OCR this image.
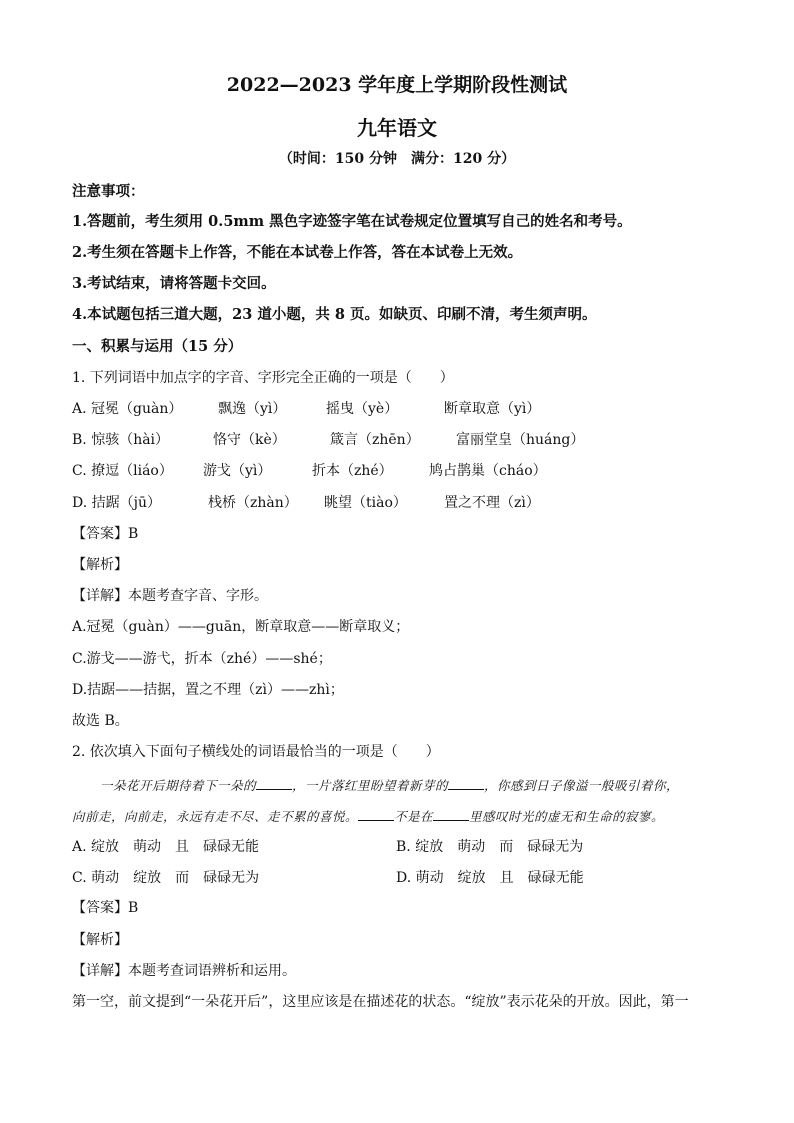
2022—2023 学年度上学期阶段性测试
九年语文
（时间：150 分钟　满分：120 分）
注意事项：
1.答题前，考生须用 0.5mm 黑色字迹签字笔在试卷规定位置填写自己的姓名和考号。
2.考生须在答题卡上作答，不能在本试卷上作答，答在本试卷上无效。
3.考试结束，请将答题卡交回。
4.本试题包括三道大题，23 道小题，共 8 页。如缺页、印刷不清，考生须声明。
一、积累与运用（15 分）
1. 下列词语中加点字的字音、字形完全正确的一项是（　　）
A. 冠冕（guàn）	飘逸（yì）	摇曳（yè）	断章取意（yì）
B. 惊骇（hài）	恪守（kè）	箴言（zhēn）	富丽堂皇（huáng）
C. 撩逗（liáo） 游戈（yì）	折本（zhé）	鸠占鹊巢（cháo）
D. 拮踞（jū）	栈桥（zhàn） 眺望（tiào）	置之不理（zì）
【答案】B
【解析】
【详解】本题考查字音、字形。
A.冠冕（guàn）——guān，断章取意——断章取义；
C.游戈——游弋，折本（zhé）——shé；
D.拮踞——拮据，置之不理（zì）——zhì；
故选 B。
2. 依次填入下面句子横线处的词语最恰当的一项是（　　）
一朵花开后期待着下一朵的	，一片落红里盼望着新芽的	，你感到日子像溢一般吸引着你，
向前走，向前走，永远有走不尽、走不累的喜悦。	不是在	里感叹时光的虚无和生命的寂寥。
A. 绽放　萌动　且　碌碌无能	B. 绽放　萌动　而　碌碌无为
C. 萌动　绽放　而　碌碌无为	D. 萌动　绽放　且　碌碌无能
【答案】B
【解析】
【详解】本题考查词语辨析和运用。
第一空，前文提到“一朵花开后”，这里应该是在描述花的状态。“绽放”表示花朵的开放。因此，第一
